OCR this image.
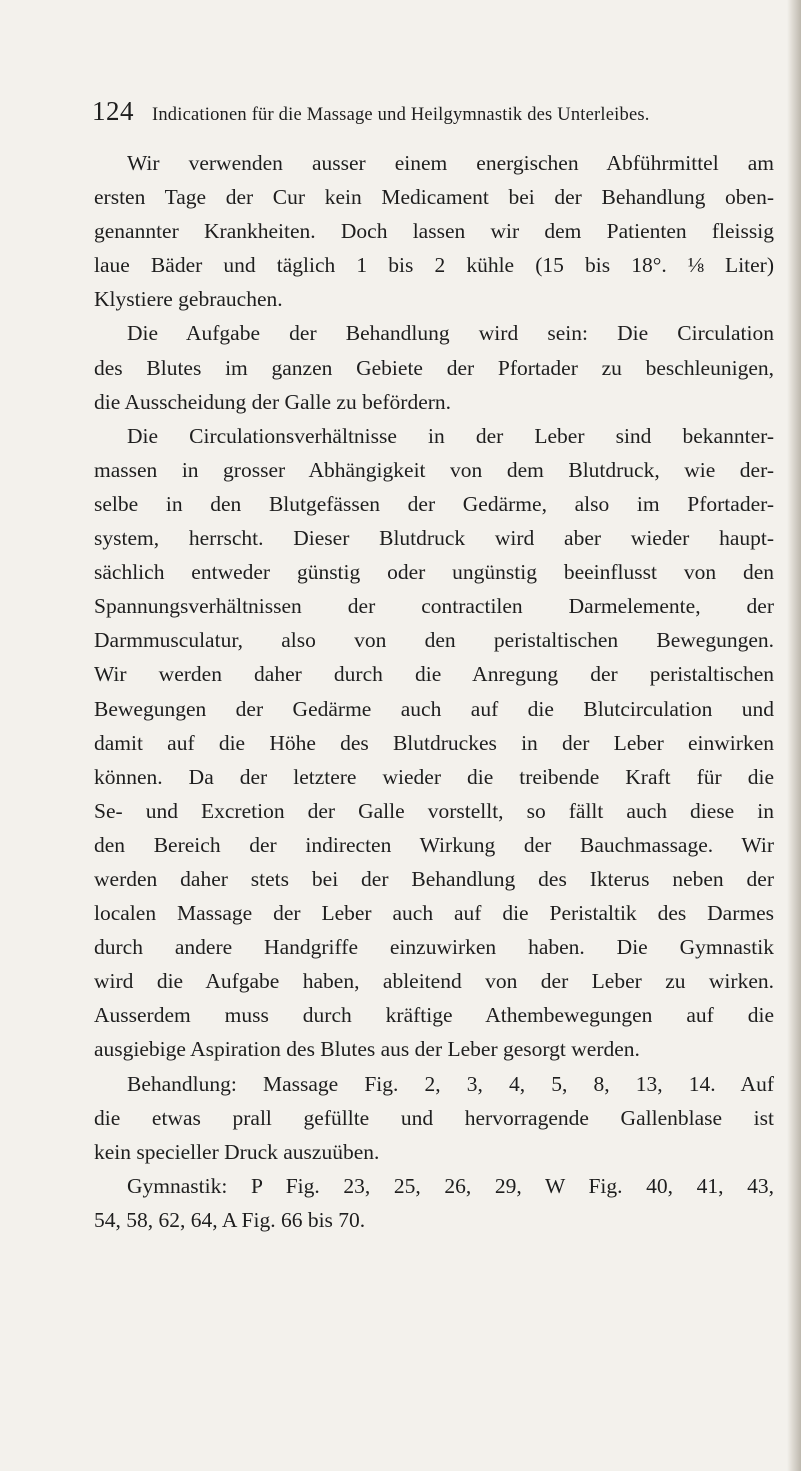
124 Indicationen für die Massage und Heilgymnastik des Unterleibes.
Wir verwenden ausser einem energischen Abführmittel am
ersten Tage der Cur kein Medicament bei der Behandlung oben-
genannter Krankheiten. Doch lassen wir dem Patienten fleissig
laue Bäder und täglich 1 bis 2 kühle (15 bis 18°. ⅛ Liter)
Klystiere gebrauchen.
Die Aufgabe der Behandlung wird sein: Die Circulation
des Blutes im ganzen Gebiete der Pfortader zu beschleunigen,
die Ausscheidung der Galle zu befördern.
Die Circulationsverhältnisse in der Leber sind bekannter-
massen in grosser Abhängigkeit von dem Blutdruck, wie der-
selbe in den Blutgefässen der Gedärme, also im Pfortader-
system, herrscht. Dieser Blutdruck wird aber wieder haupt-
sächlich entweder günstig oder ungünstig beeinflusst von den
Spannungsverhältnissen der contractilen Darmelemente, der
Darmmusculatur, also von den peristaltischen Bewegungen.
Wir werden daher durch die Anregung der peristaltischen
Bewegungen der Gedärme auch auf die Blutcirculation und
damit auf die Höhe des Blutdruckes in der Leber einwirken
können. Da der letztere wieder die treibende Kraft für die
Se- und Excretion der Galle vorstellt, so fällt auch diese in
den Bereich der indirecten Wirkung der Bauchmassage. Wir
werden daher stets bei der Behandlung des Ikterus neben der
localen Massage der Leber auch auf die Peristaltik des Darmes
durch andere Handgriffe einzuwirken haben. Die Gymnastik
wird die Aufgabe haben, ableitend von der Leber zu wirken.
Ausserdem muss durch kräftige Athembewegungen auf die
ausgiebige Aspiration des Blutes aus der Leber gesorgt werden.
Behandlung: Massage Fig. 2, 3, 4, 5, 8, 13, 14. Auf
die etwas prall gefüllte und hervorragende Gallenblase ist
kein specieller Druck auszuüben.
Gymnastik: P Fig. 23, 25, 26, 29, W Fig. 40, 41, 43,
54, 58, 62, 64, A Fig. 66 bis 70.
